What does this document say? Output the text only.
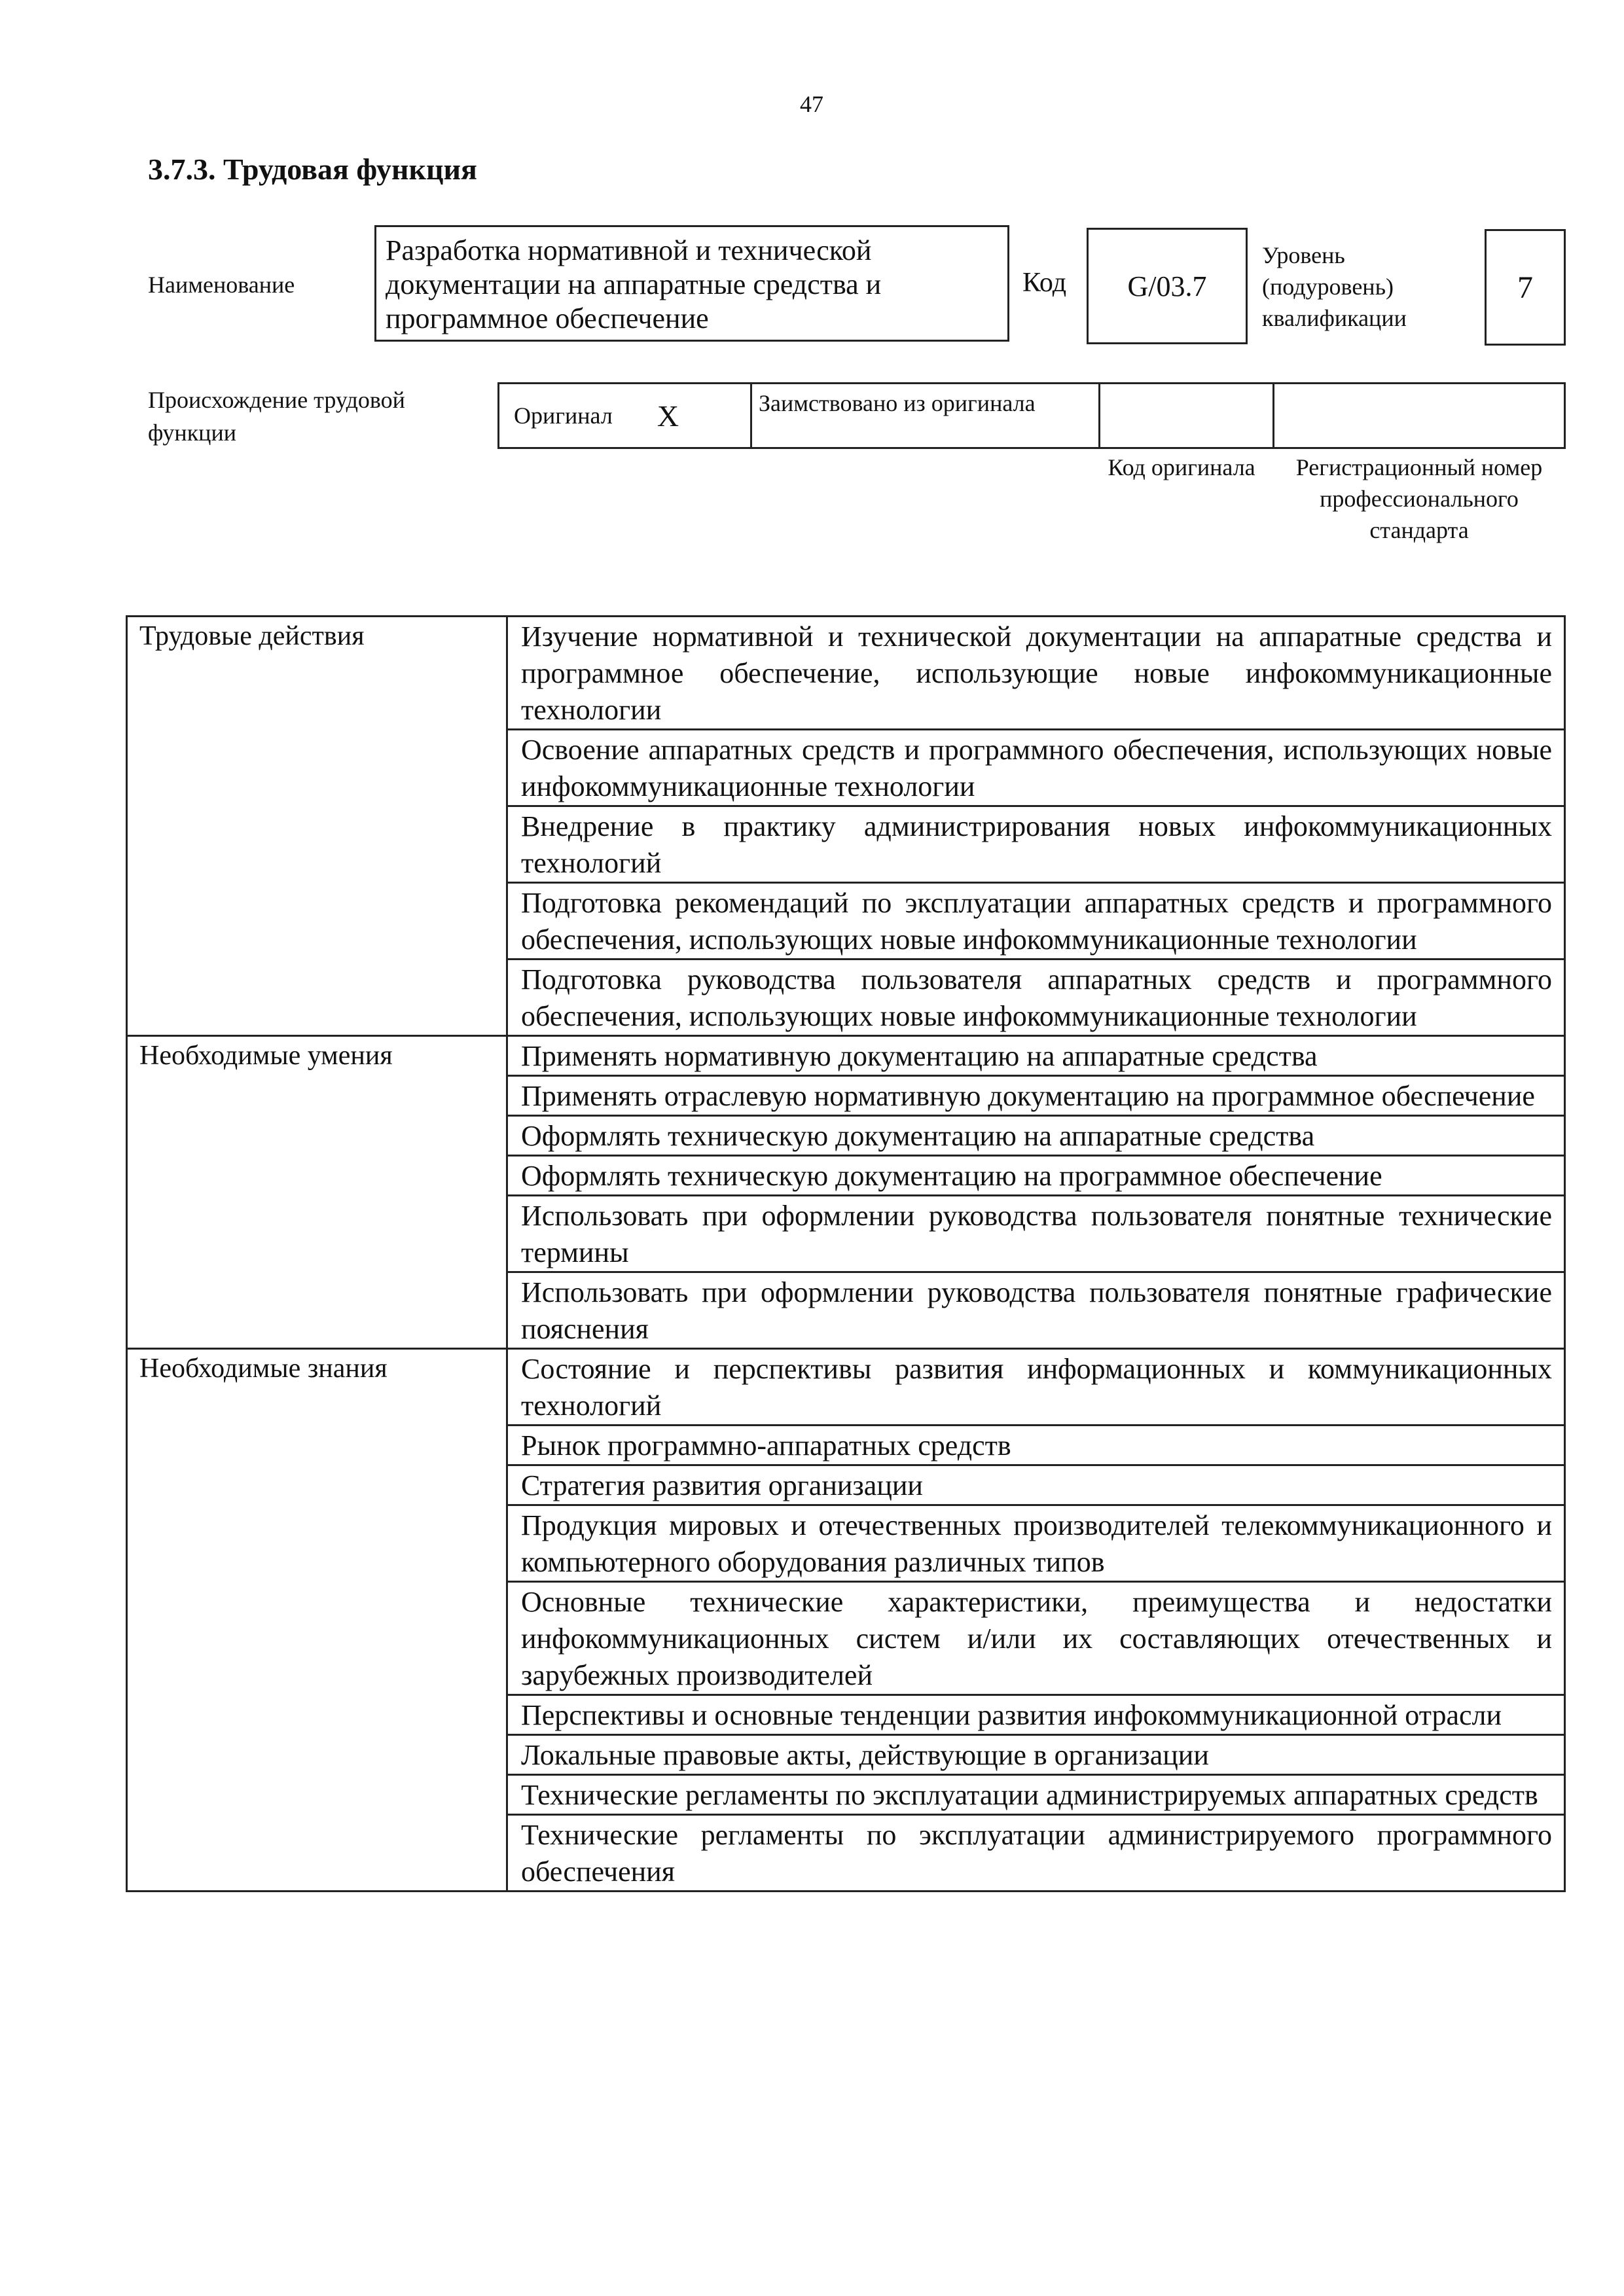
47
3.7.3. Трудовая функция
Наименование
Разработка нормативной и технической документации на аппаратные средства и программное обеспечение
Код	G/03.7
Уровень (подуровень) квалификации
7
Происхождение трудовой функции
Оригинал X	Заимствовано из оригинала
Код оригинала	Регистрационный номер профессионального стандарта
Трудовые действия	Изучение нормативной и технической документации на аппаратные средства и программное обеспечение, использующие новые инфокоммуникационные технологии
	Освоение аппаратных средств и программного обеспечения, использующих новые инфокоммуникационные технологии
	Внедрение в практику администрирования новых инфокоммуникационных технологий
	Подготовка рекомендаций по эксплуатации аппаратных средств и программного обеспечения, использующих новые инфокоммуникационные технологии
	Подготовка руководства пользователя аппаратных средств и программного обеспечения, использующих новые инфокоммуникационные технологии
Необходимые умения	Применять нормативную документацию на аппаратные средства
	Применять отраслевую нормативную документацию на программное обеспечение
	Оформлять техническую документацию на аппаратные средства
	Оформлять техническую документацию на программное обеспечение
	Использовать при оформлении руководства пользователя понятные технические термины
	Использовать при оформлении руководства пользователя понятные графические пояснения
Необходимые знания	Состояние и перспективы развития информационных и коммуникационных технологий
	Рынок программно-аппаратных средств
	Стратегия развития организации
	Продукция мировых и отечественных производителей телекоммуникационного и компьютерного оборудования различных типов
	Основные технические характеристики, преимущества и недостатки инфокоммуникационных систем и/или их составляющих отечественных и зарубежных производителей
	Перспективы и основные тенденции развития инфокоммуникационной отрасли
	Локальные правовые акты, действующие в организации
	Технические регламенты по эксплуатации администрируемых аппаратных средств
	Технические регламенты по эксплуатации администрируемого программного обеспечения
